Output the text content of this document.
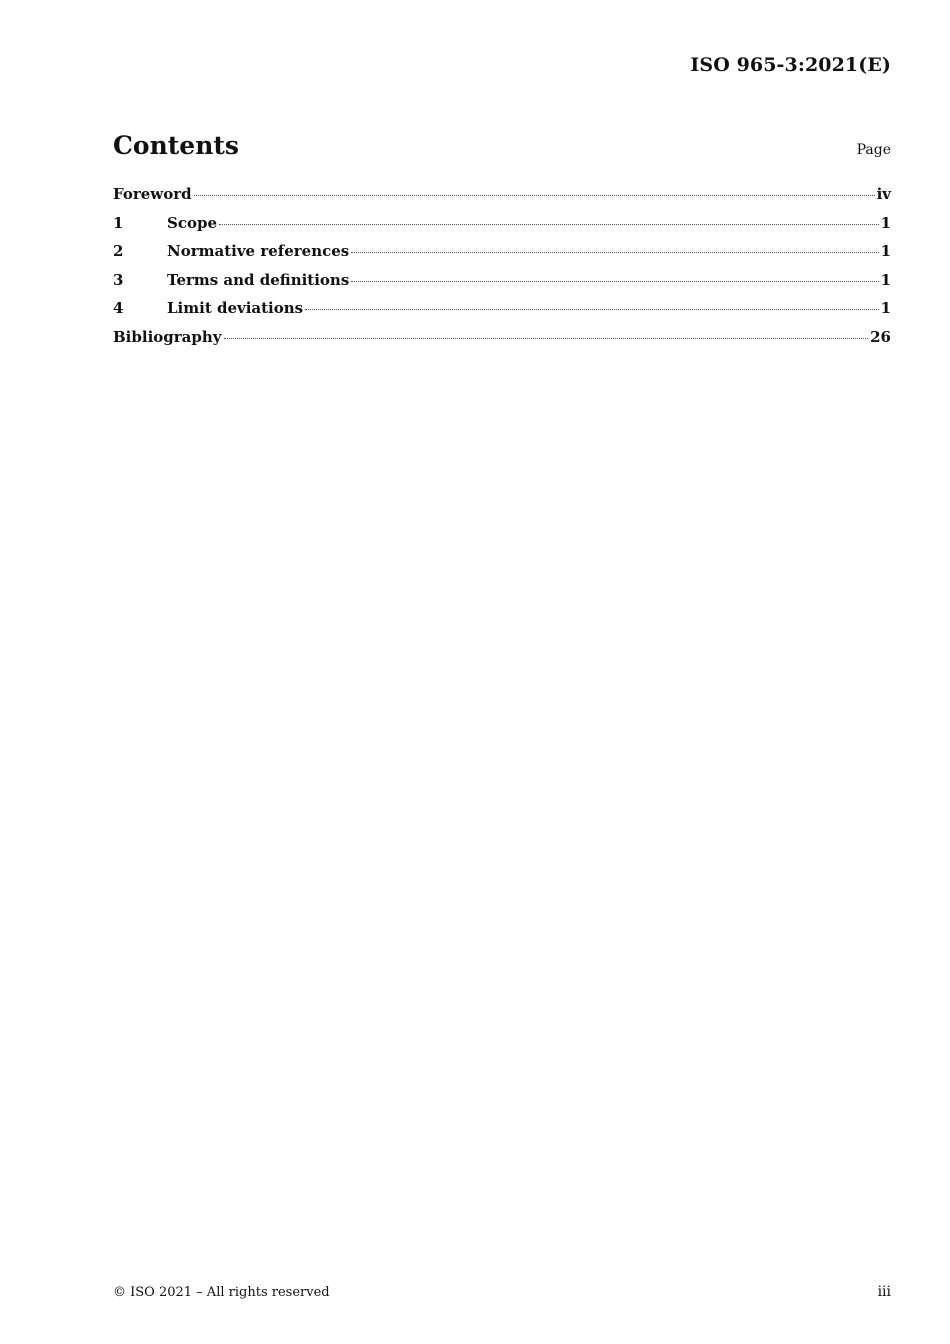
ISO 965-3:2021(E)
Contents	Page
Foreword	iv
1	Scope	1
2	Normative references	1
3	Terms and definitions	1
4	Limit deviations	1
Bibliography	26
© ISO 2021 – All rights reserved	iii
